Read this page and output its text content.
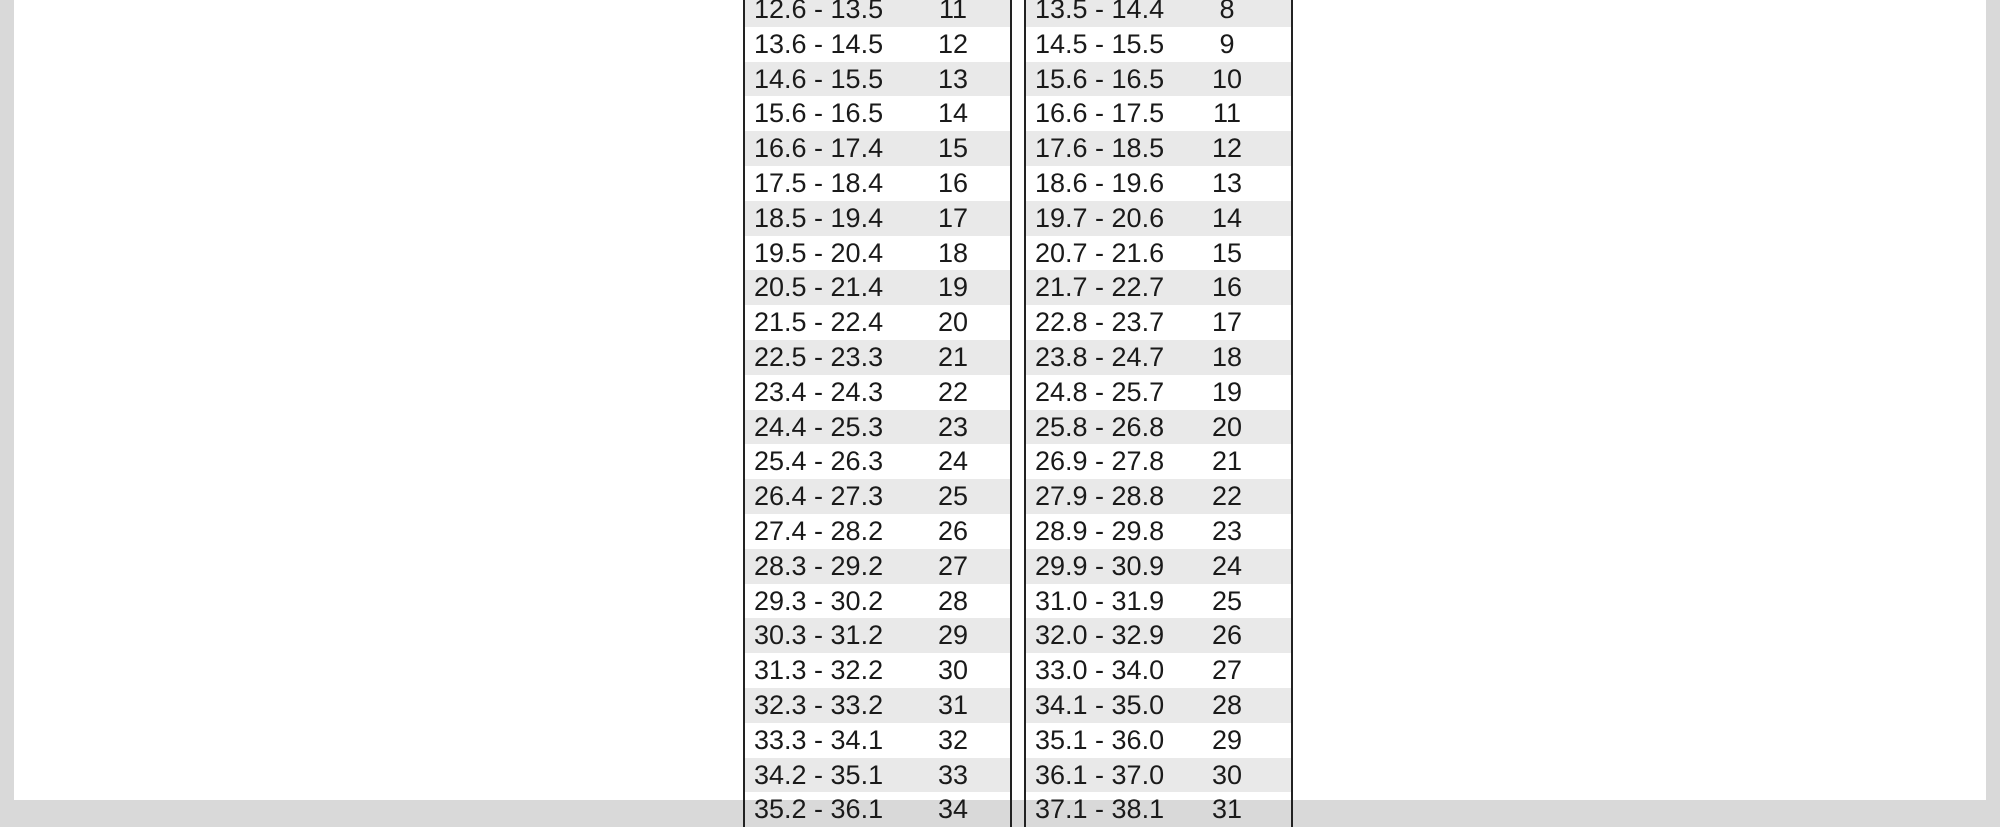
12.6 - 13.5	11
13.6 - 14.5	12
14.6 - 15.5	13
15.6 - 16.5	14
16.6 - 17.4	15
17.5 - 18.4	16
18.5 - 19.4	17
19.5 - 20.4	18
20.5 - 21.4	19
21.5 - 22.4	20
22.5 - 23.3	21
23.4 - 24.3	22
24.4 - 25.3	23
25.4 - 26.3	24
26.4 - 27.3	25
27.4 - 28.2	26
28.3 - 29.2	27
29.3 - 30.2	28
30.3 - 31.2	29
31.3 - 32.2	30
32.3 - 33.2	31
33.3 - 34.1	32
34.2 - 35.1	33
35.2 - 36.1	34
13.5 - 14.4	8
14.5 - 15.5	9
15.6 - 16.5	10
16.6 - 17.5	11
17.6 - 18.5	12
18.6 - 19.6	13
19.7 - 20.6	14
20.7 - 21.6	15
21.7 - 22.7	16
22.8 - 23.7	17
23.8 - 24.7	18
24.8 - 25.7	19
25.8 - 26.8	20
26.9 - 27.8	21
27.9 - 28.8	22
28.9 - 29.8	23
29.9 - 30.9	24
31.0 - 31.9	25
32.0 - 32.9	26
33.0 - 34.0	27
34.1 - 35.0	28
35.1 - 36.0	29
36.1 - 37.0	30
37.1 - 38.1	31
